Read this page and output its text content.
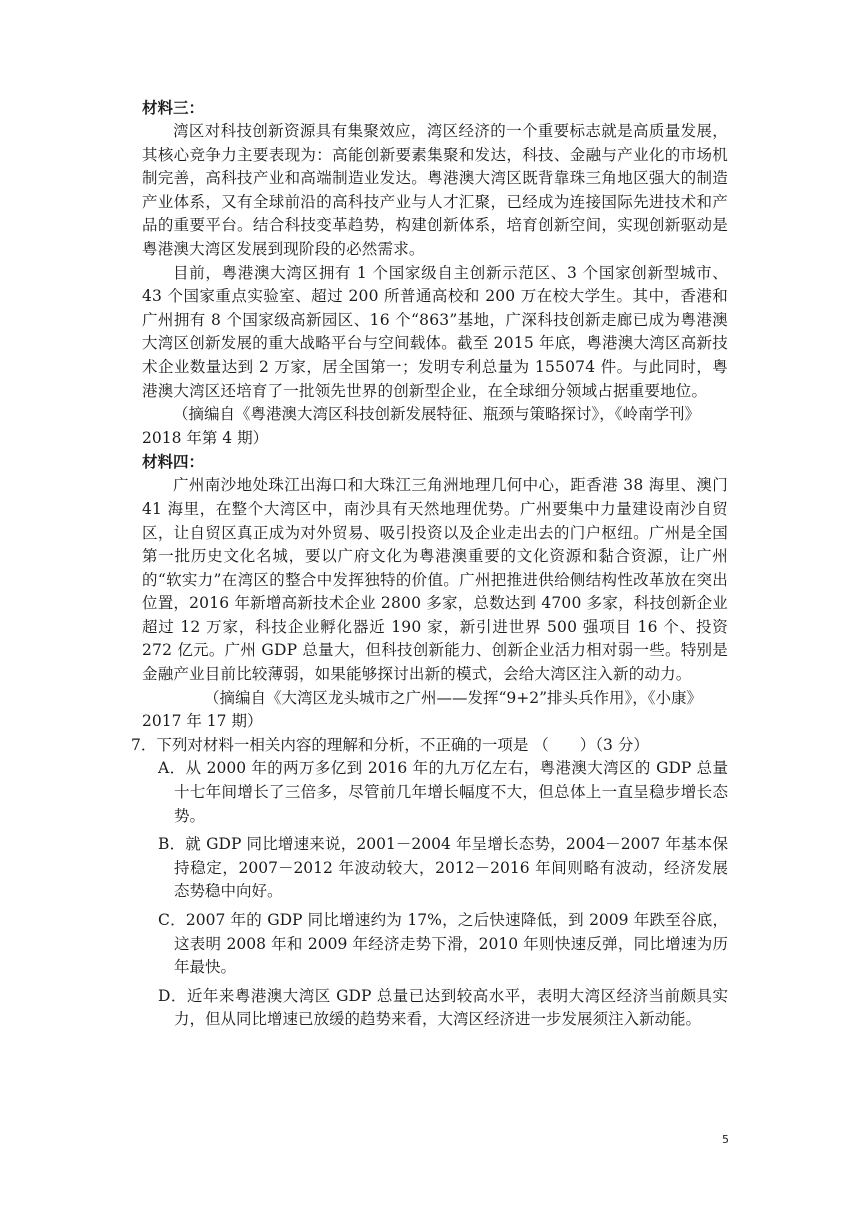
材料三：

湾区对科技创新资源具有集聚效应，湾区经济的一个重要标志就是高质量发展，其核心竞争力主要表现为：高能创新要素集聚和发达，科技、金融与产业化的市场机制完善，高科技产业和高端制造业发达。粤港澳大湾区既背靠珠三角地区强大的制造产业体系，又有全球前沿的高科技产业与人才汇聚，已经成为连接国际先进技术和产品的重要平台。结合科技变革趋势，构建创新体系，培育创新空间，实现创新驱动是粤港澳大湾区发展到现阶段的必然需求。

目前，粤港澳大湾区拥有 1 个国家级自主创新示范区、3 个国家创新型城市、43 个国家重点实验室、超过 200 所普通高校和 200 万在校大学生。其中，香港和广州拥有 8 个国家级高新园区、16 个“863”基地，广深科技创新走廊已成为粤港澳大湾区创新发展的重大战略平台与空间载体。截至 2015 年底，粤港澳大湾区高新技术企业数量达到 2 万家，居全国第一；发明专利总量为 155074 件。与此同时，粤港澳大湾区还培育了一批领先世界的创新型企业，在全球细分领域占据重要地位。

（摘编自《粤港澳大湾区科技创新发展特征、瓶颈与策略探讨》，《岭南学刊》2018 年第 4 期）

材料四：

广州南沙地处珠江出海口和大珠江三角洲地理几何中心，距香港 38 海里、澳门 41 海里，在整个大湾区中，南沙具有天然地理优势。广州要集中力量建设南沙自贸区，让自贸区真正成为对外贸易、吸引投资以及企业走出去的门户枢纽。广州是全国第一批历史文化名城，要以广府文化为粤港澳重要的文化资源和黏合资源，让广州的“软实力”在湾区的整合中发挥独特的价值。广州把推进供给侧结构性改革放在突出位置，2016 年新增高新技术企业 2800 多家，总数达到 4700 多家，科技创新企业超过 12 万家，科技企业孵化器近 190 家，新引进世界 500 强项目 16 个、投资 272 亿元。广州 GDP 总量大，但科技创新能力、创新企业活力相对弱一些。特别是金融产业目前比较薄弱，如果能够探讨出新的模式，会给大湾区注入新的动力。

（摘编自《大湾区龙头城市之广州——发挥“9+2”排头兵作用》，《小康》2017 年 17 期）

7．下列对材料一相关内容的理解和分析，不正确的一项是 （　　）（3 分）

A．从 2000 年的两万多亿到 2016 年的九万亿左右，粤港澳大湾区的 GDP 总量十七年间增长了三倍多，尽管前几年增长幅度不大，但总体上一直呈稳步增长态势。

B．就 GDP 同比增速来说，2001－2004 年呈增长态势，2004－2007 年基本保持稳定，2007－2012 年波动较大，2012－2016 年间则略有波动，经济发展态势稳中向好。

C．2007 年的 GDP 同比增速约为 17%，之后快速降低，到 2009 年跌至谷底，这表明 2008 年和 2009 年经济走势下滑，2010 年则快速反弹，同比增速为历年最快。

D．近年来粤港澳大湾区 GDP 总量已达到较高水平，表明大湾区经济当前颇具实力，但从同比增速已放缓的趋势来看，大湾区经济进一步发展须注入新动能。

5
